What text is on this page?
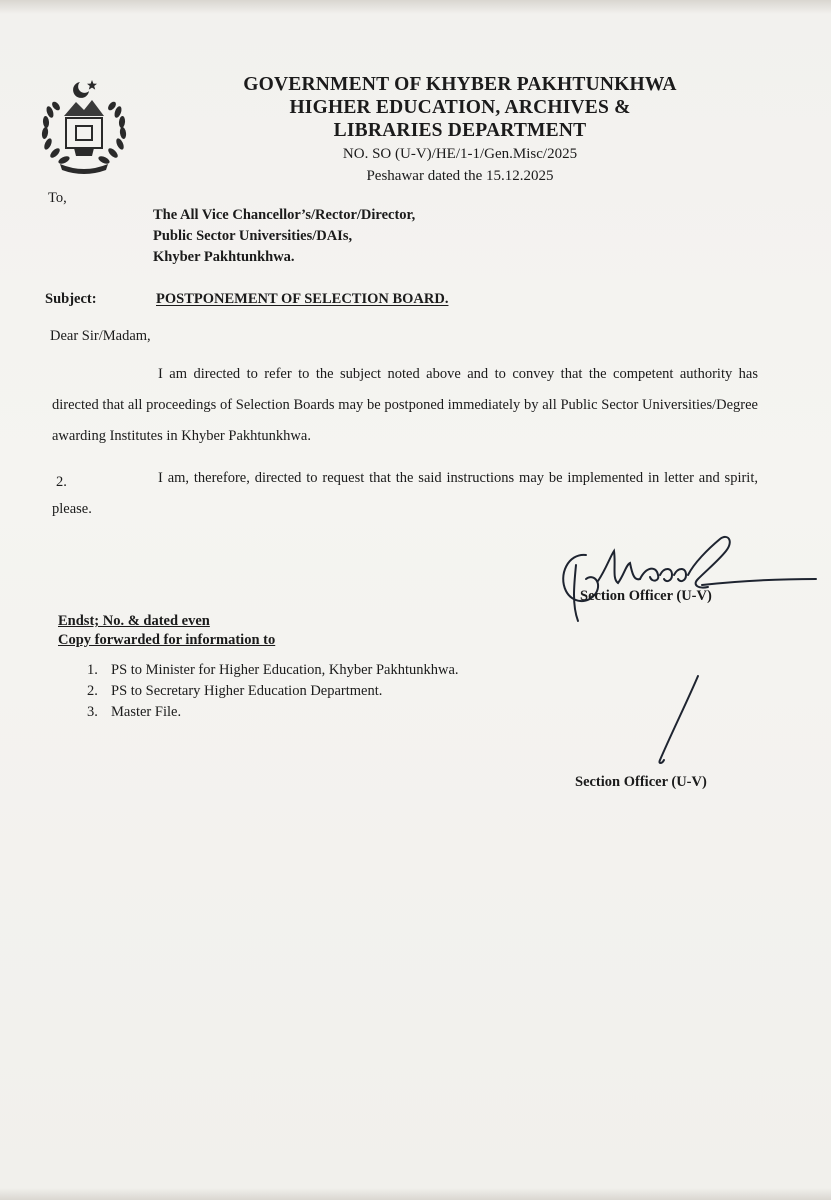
GOVERNMENT OF KHYBER PAKHTUNKHWA
HIGHER EDUCATION, ARCHIVES &
LIBRARIES DEPARTMENT
NO. SO (U-V)/HE/1-1/Gen.Misc/2025
Peshawar dated the 15.12.2025
To,
The All Vice Chancellor’s/Rector/Director,
Public Sector Universities/DAIs,
Khyber Pakhtunkhwa.
Subject:	POSTPONEMENT OF SELECTION BOARD.
Dear Sir/Madam,
I am directed to refer to the subject noted above and to convey that the competent authority has directed that all proceedings of Selection Boards may be postponed immediately by all Public Sector Universities/Degree awarding Institutes in Khyber Pakhtunkhwa.
2.	I am, therefore, directed to request that the said instructions may be implemented in letter and spirit, please.
Section Officer (U-V)
Endst; No. & dated even
Copy forwarded for information to
1. PS to Minister for Higher Education, Khyber Pakhtunkhwa.
2. PS to Secretary Higher Education Department.
3. Master File.
Section Officer (U-V)
